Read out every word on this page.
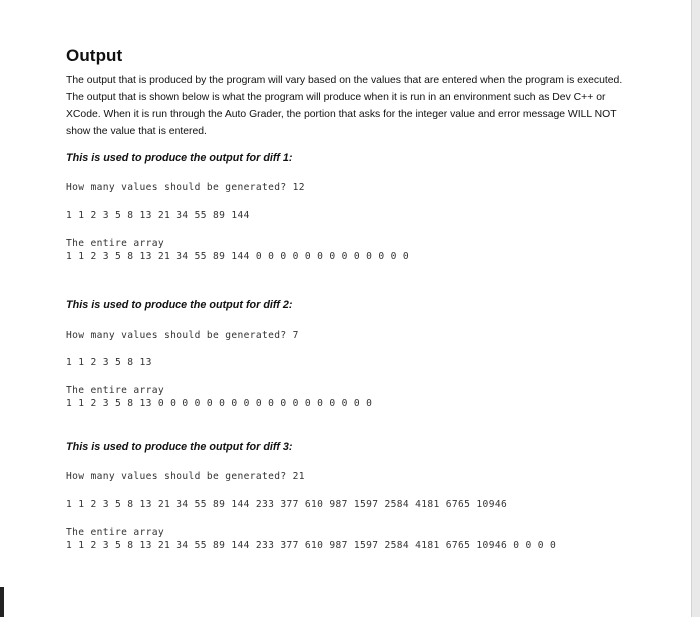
Output

The output that is produced by the program will vary based on the values that are entered when the program is executed. The output that is shown below is what the program will produce when it is run in an environment such as Dev C++ or XCode. When it is run through the Auto Grader, the portion that asks for the integer value and error message WILL NOT show the value that is entered.

This is used to produce the output for diff 1:

How many values should be generated? 12

1 1 2 3 5 8 13 21 34 55 89 144

The entire array

1 1 2 3 5 8 13 21 34 55 89 144 0 0 0 0 0 0 0 0 0 0 0 0 0

This is used to produce the output for diff 2:

How many values should be generated? 7

1 1 2 3 5 8 13

The entire array

1 1 2 3 5 8 13 0 0 0 0 0 0 0 0 0 0 0 0 0 0 0 0 0 0

This is used to produce the output for diff 3:

How many values should be generated? 21

1 1 2 3 5 8 13 21 34 55 89 144 233 377 610 987 1597 2584 4181 6765 10946

The entire array

1 1 2 3 5 8 13 21 34 55 89 144 233 377 610 987 1597 2584 4181 6765 10946 0 0 0 0
